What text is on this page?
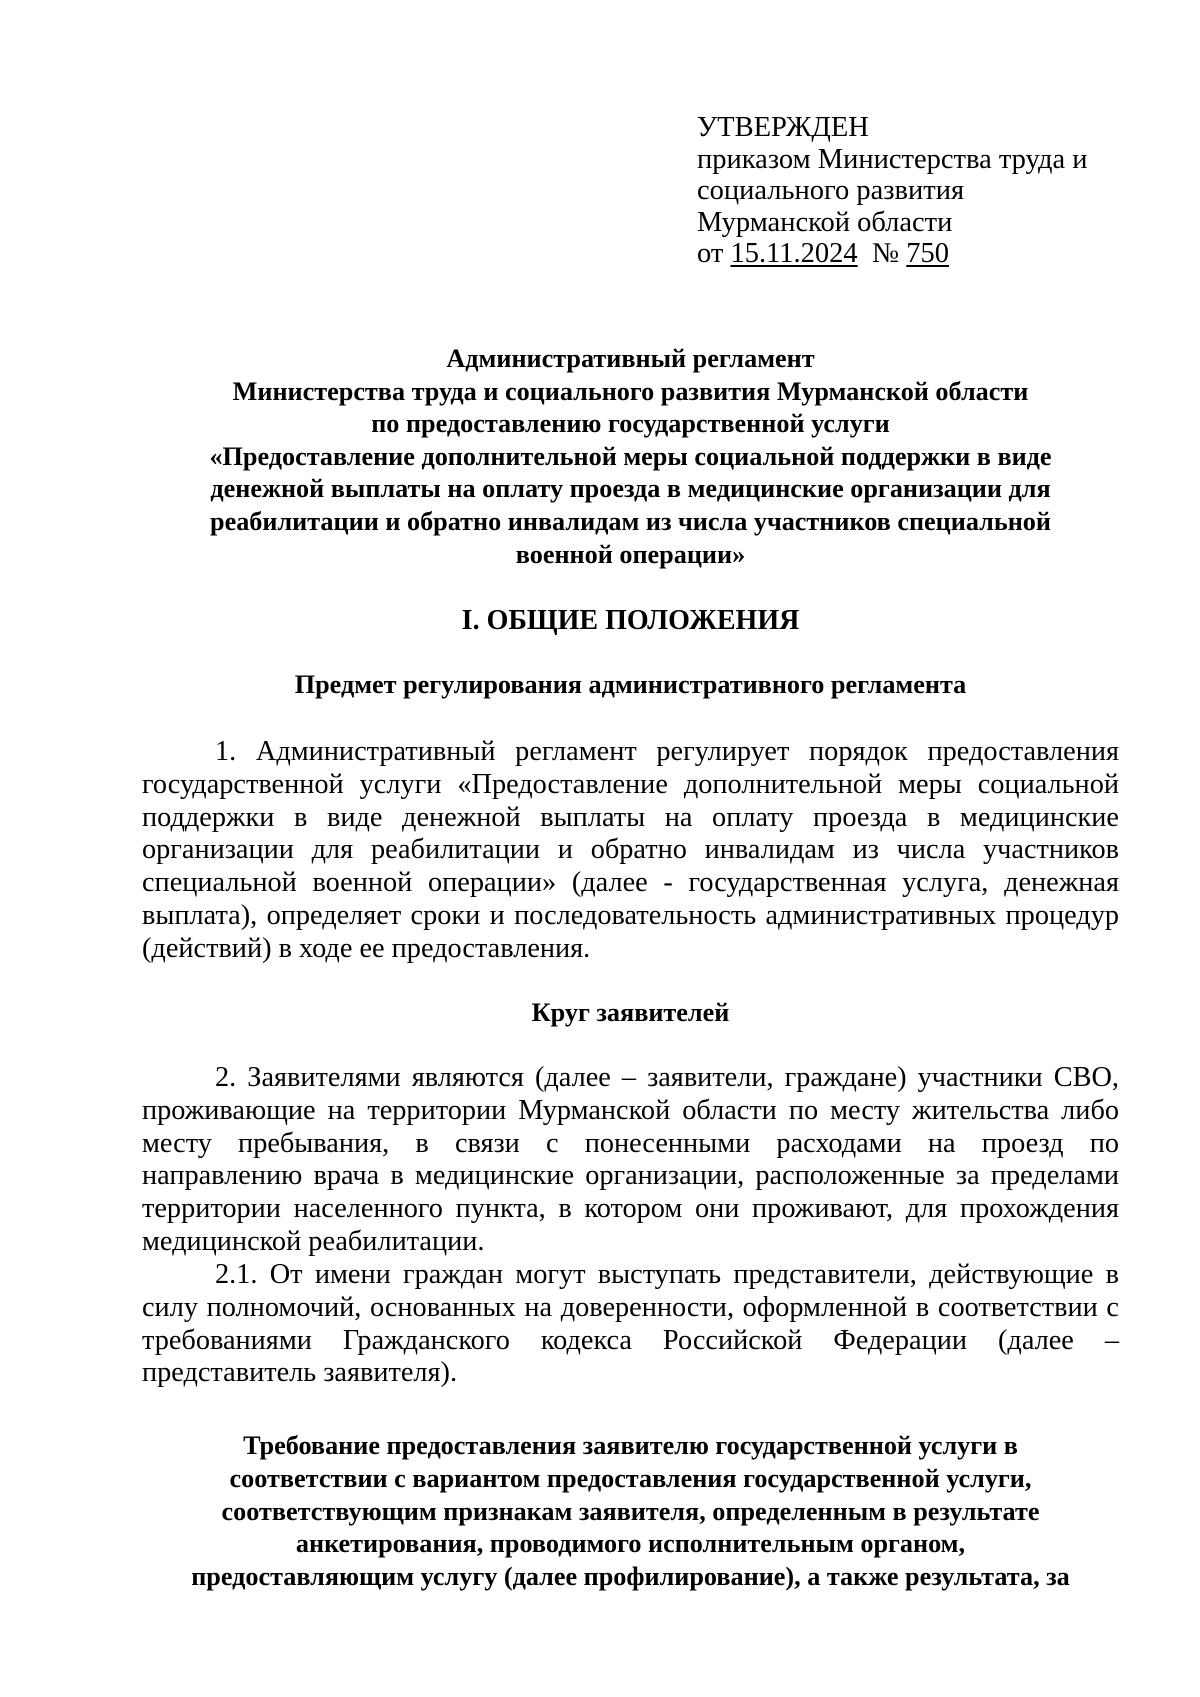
УТВЕРЖДЕН
приказом Министерства труда и
социального развития
Мурманской области
от 15.11.2024 № 750
Административный регламент
Министерства труда и социального развития Мурманской области
по предоставлению государственной услуги
«Предоставление дополнительной меры социальной поддержки в виде
денежной выплаты на оплату проезда в медицинские организации для
реабилитации и обратно инвалидам из числа участников специальной
военной операции»
I. ОБЩИЕ ПОЛОЖЕНИЯ
Предмет регулирования административного регламента
1. Административный регламент регулирует порядок предоставления
государственной услуги «Предоставление дополнительной меры социальной
поддержки в виде денежной выплаты на оплату проезда в медицинские
организации для реабилитации и обратно инвалидам из числа участников
специальной военной операции» (далее - государственная услуга, денежная
выплата), определяет сроки и последовательность административных процедур
(действий) в ходе ее предоставления.
Круг заявителей
2. Заявителями являются (далее – заявители, граждане) участники СВО,
проживающие на территории Мурманской области по месту жительства либо
месту пребывания, в связи с понесенными расходами на проезд по
направлению врача в медицинские организации, расположенные за пределами
территории населенного пункта, в котором они проживают, для прохождения
медицинской реабилитации.
2.1. От имени граждан могут выступать представители, действующие в
силу полномочий, основанных на доверенности, оформленной в соответствии с
требованиями Гражданского кодекса Российской Федерации (далее –
представитель заявителя).
Требование предоставления заявителю государственной услуги в
соответствии с вариантом предоставления государственной услуги,
соответствующим признакам заявителя, определенным в результате
анкетирования, проводимого исполнительным органом,
предоставляющим услугу (далее профилирование), а также результата, за
